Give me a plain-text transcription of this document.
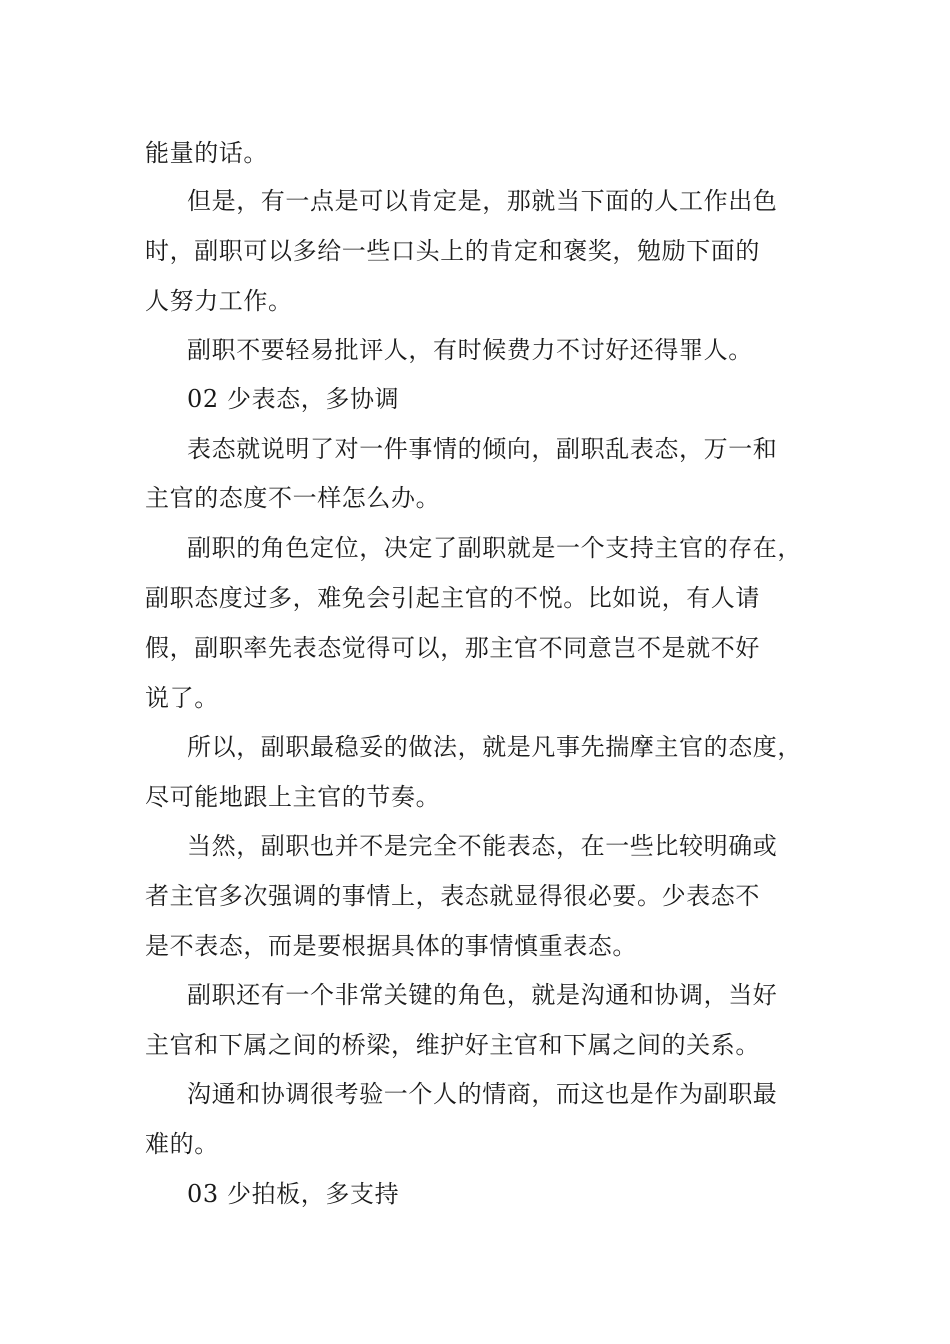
能量的话。
但是，有一点是可以肯定是，那就当下面的人工作出色
时，副职可以多给一些口头上的肯定和褒奖，勉励下面的
人努力工作。
副职不要轻易批评人，有时候费力不讨好还得罪人。
02 少表态，多协调
表态就说明了对一件事情的倾向，副职乱表态，万一和
主官的态度不一样怎么办。
副职的角色定位，决定了副职就是一个支持主官的存在，
副职态度过多，难免会引起主官的不悦。比如说，有人请
假，副职率先表态觉得可以，那主官不同意岂不是就不好
说了。
所以，副职最稳妥的做法，就是凡事先揣摩主官的态度，
尽可能地跟上主官的节奏。
当然，副职也并不是完全不能表态，在一些比较明确或
者主官多次强调的事情上，表态就显得很必要。少表态不
是不表态，而是要根据具体的事情慎重表态。
副职还有一个非常关键的角色，就是沟通和协调，当好
主官和下属之间的桥梁，维护好主官和下属之间的关系。
沟通和协调很考验一个人的情商，而这也是作为副职最
难的。
03 少拍板，多支持
